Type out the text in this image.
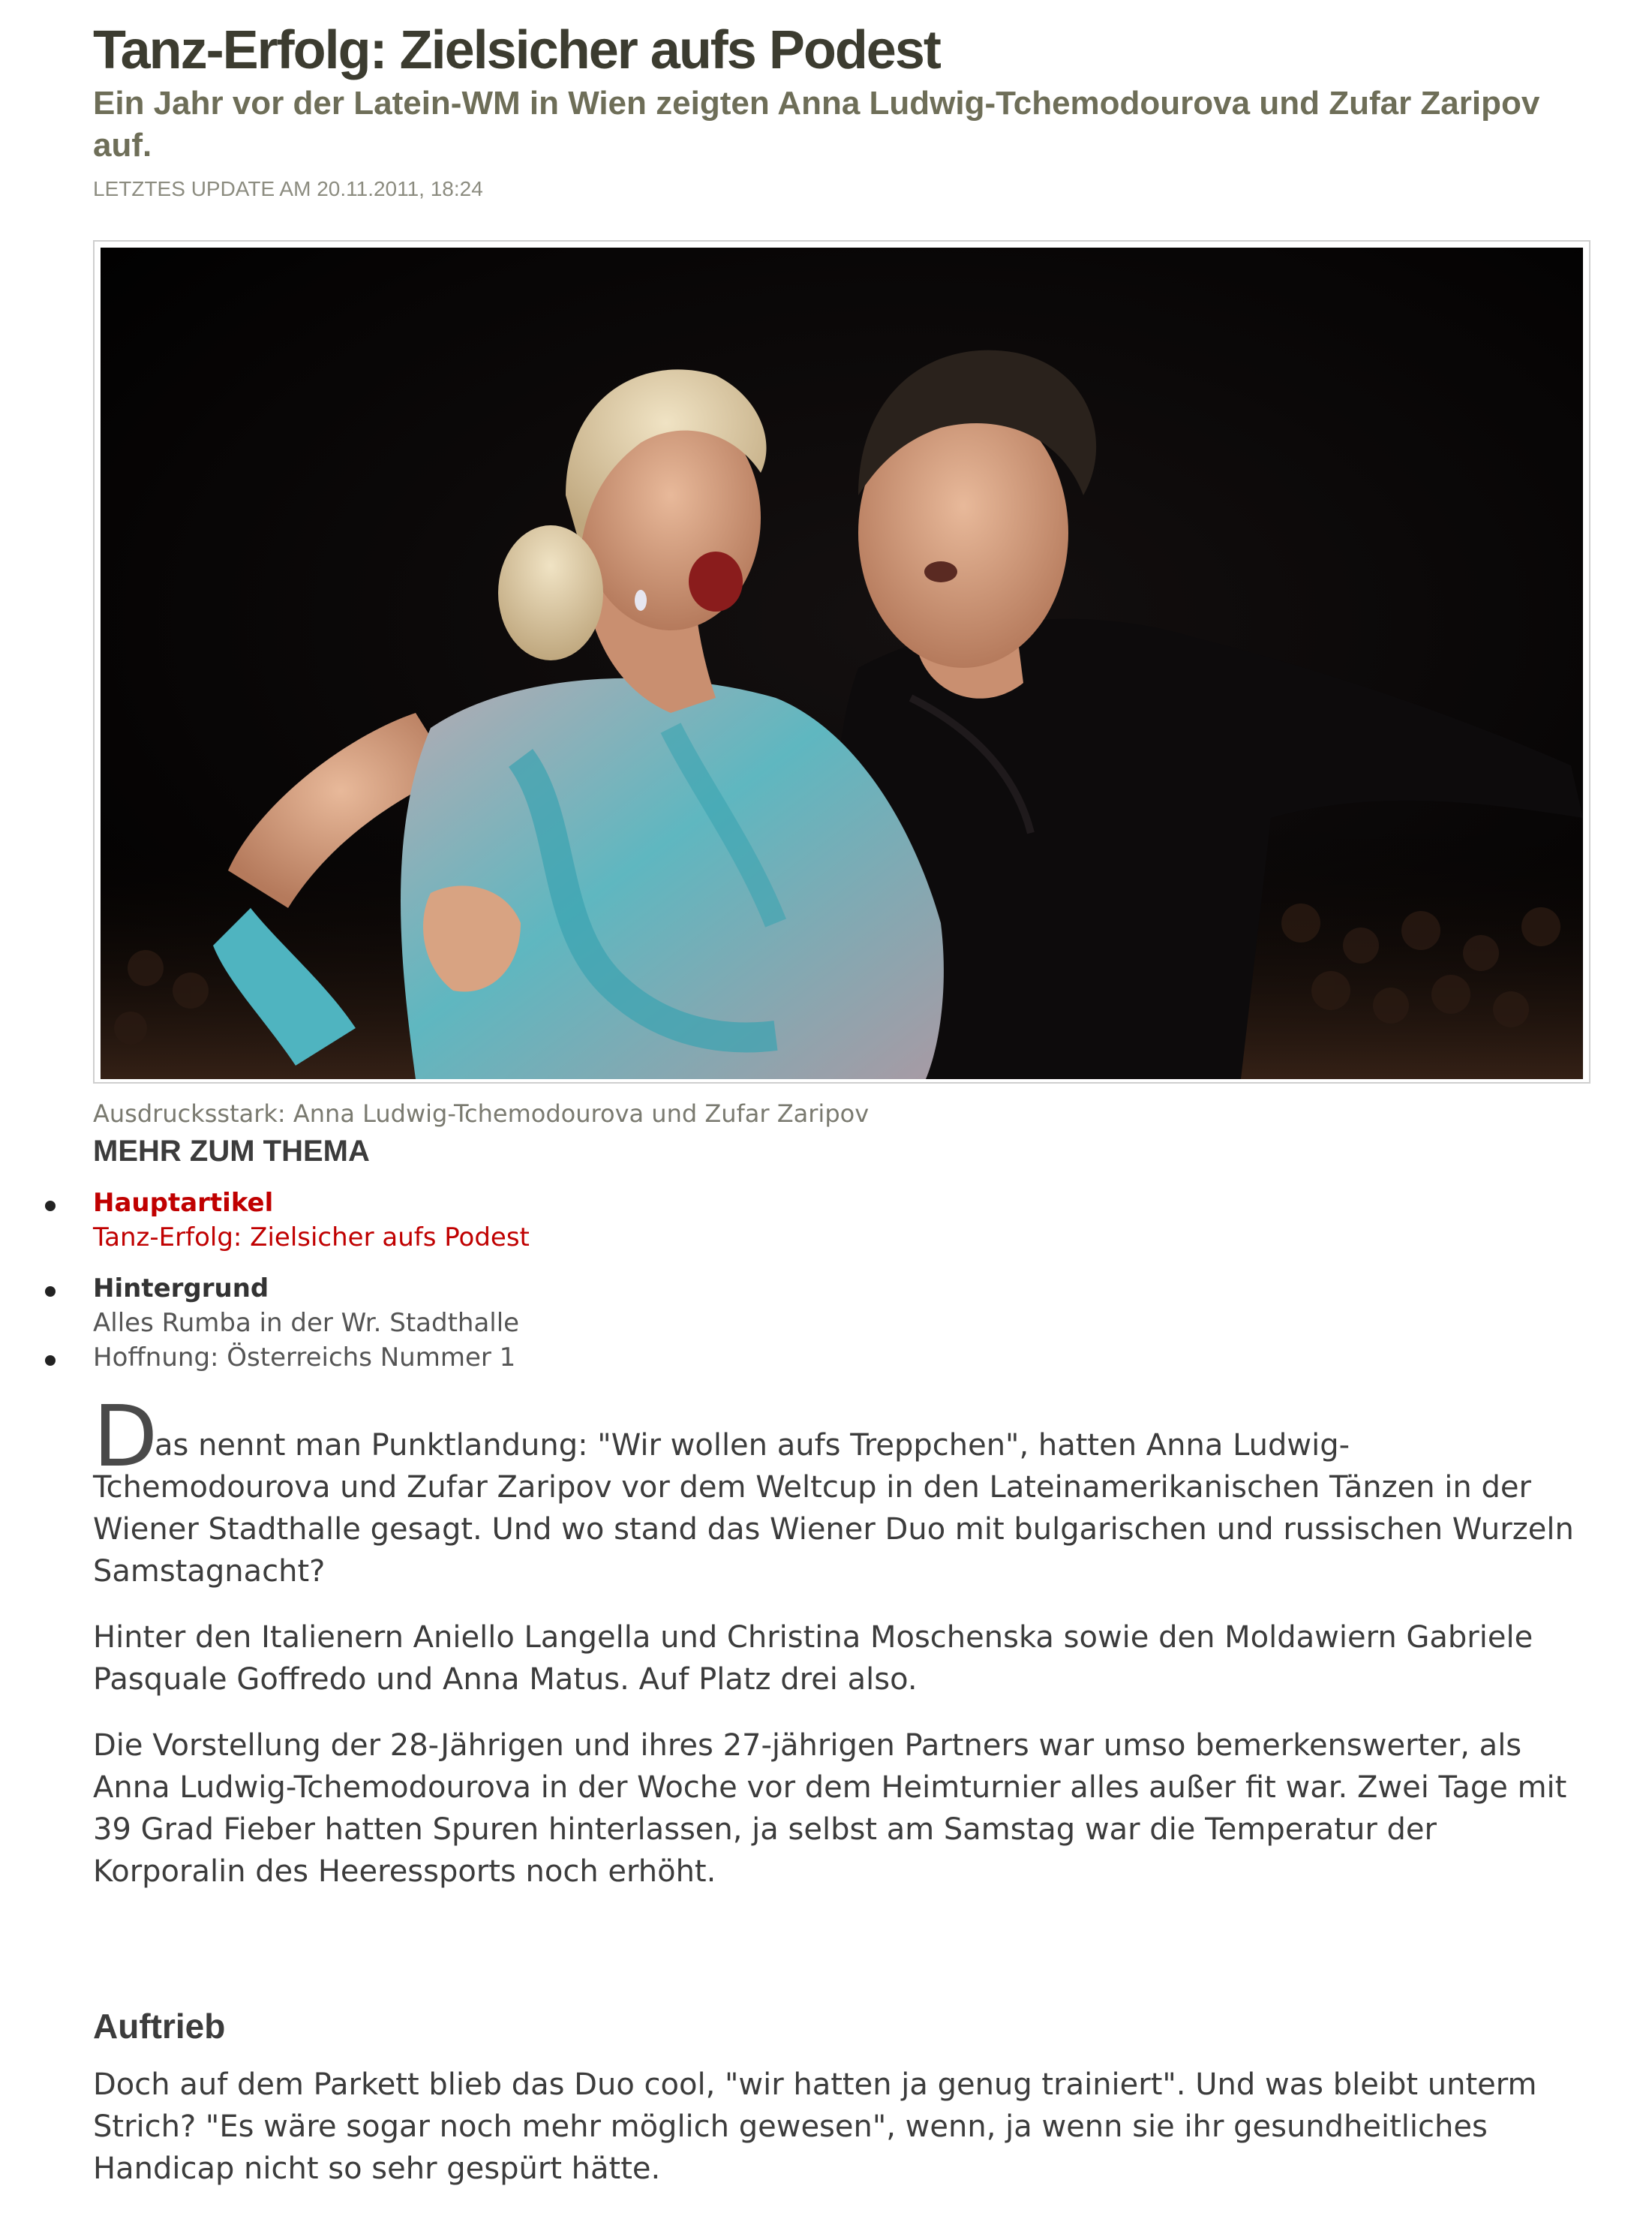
Tanz-Erfolg: Zielsicher aufs Podest
Ein Jahr vor der Latein-WM in Wien zeigten Anna Ludwig-Tchemodourova und Zufar Zaripov auf.
LETZTES UPDATE AM 20.11.2011, 18:24
Ausdrucksstark: Anna Ludwig-Tchemodourova und Zufar Zaripov
MEHR ZUM THEMA
Hauptartikel
Tanz-Erfolg: Zielsicher aufs Podest
Hintergrund
Alles Rumba in der Wr. Stadthalle
Hoffnung: Österreichs Nummer 1
D
as nennt man Punktlandung: "Wir wollen aufs Treppchen", hatten Anna Ludwig-

Tchemodourova und Zufar Zaripov vor dem Weltcup in den Lateinamerikanischen Tänzen in der Wiener Stadthalle gesagt. Und wo stand das Wiener Duo mit bulgarischen und russischen Wurzeln Samstagnacht?

Hinter den Italienern Aniello Langella und Christina Moschenska sowie den Moldawiern Gabriele Pasquale Goffredo und Anna Matus. Auf Platz drei also.

Die Vorstellung der 28-Jährigen und ihres 27-jährigen Partners war umso bemerkenswerter, als Anna Ludwig-Tchemodourova in der Woche vor dem Heimturnier alles außer fit war. Zwei Tage mit 39 Grad Fieber hatten Spuren hinterlassen, ja selbst am Samstag war die Temperatur der Korporalin des Heeressports noch erhöht.

Auftrieb

Doch auf dem Parkett blieb das Duo cool, "wir hatten ja genug trainiert". Und was bleibt unterm Strich? "Es wäre sogar noch mehr möglich gewesen", wenn, ja wenn sie ihr gesundheitliches Handicap nicht so sehr gespürt hätte.
